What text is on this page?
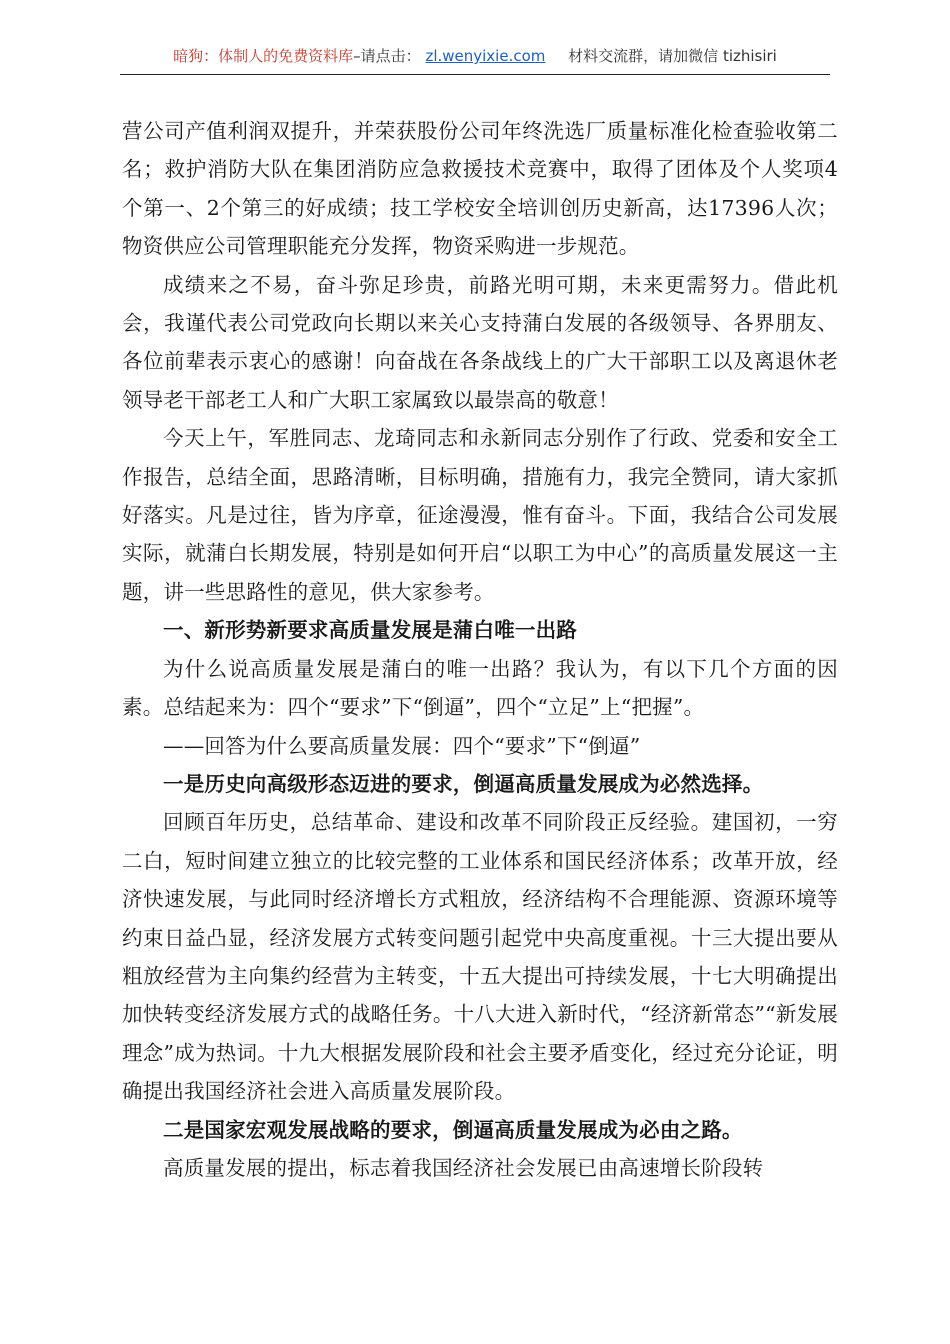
暗狗：体制人的免费资料库–请点击： zl.wenyixie.com 材料交流群，请加微信 tizhisiri

营公司产值利润双提升，并荣获股份公司年终洗选厂质量标准化检查验收第二名；救护消防大队在集团消防应急救援技术竞赛中，取得了团体及个人奖项4个第一、2个第三的好成绩；技工学校安全培训创历史新高，达17396人次；物资供应公司管理职能充分发挥，物资采购进一步规范。

成绩来之不易，奋斗弥足珍贵，前路光明可期，未来更需努力。借此机会，我谨代表公司党政向长期以来关心支持蒲白发展的各级领导、各界朋友、各位前辈表示衷心的感谢！向奋战在各条战线上的广大干部职工以及离退休老领导老干部老工人和广大职工家属致以最崇高的敬意！

今天上午，军胜同志、龙琦同志和永新同志分别作了行政、党委和安全工作报告，总结全面，思路清晰，目标明确，措施有力，我完全赞同，请大家抓好落实。凡是过往，皆为序章，征途漫漫，惟有奋斗。下面，我结合公司发展实际，就蒲白长期发展，特别是如何开启“以职工为中心”的高质量发展这一主题，讲一些思路性的意见，供大家参考。

一、新形势新要求高质量发展是蒲白唯一出路

为什么说高质量发展是蒲白的唯一出路？我认为，有以下几个方面的因素。总结起来为：四个“要求”下“倒逼”，四个“立足”上“把握”。

——回答为什么要高质量发展：四个“要求”下“倒逼”

一是历史向高级形态迈进的要求，倒逼高质量发展成为必然选择。

回顾百年历史，总结革命、建设和改革不同阶段正反经验。建国初，一穷二白，短时间建立独立的比较完整的工业体系和国民经济体系；改革开放，经济快速发展，与此同时经济增长方式粗放，经济结构不合理能源、资源环境等约束日益凸显，经济发展方式转变问题引起党中央高度重视。十三大提出要从粗放经营为主向集约经营为主转变，十五大提出可持续发展，十七大明确提出加快转变经济发展方式的战略任务。十八大进入新时代，“经济新常态”“新发展理念”成为热词。十九大根据发展阶段和社会主要矛盾变化，经过充分论证，明确提出我国经济社会进入高质量发展阶段。

二是国家宏观发展战略的要求，倒逼高质量发展成为必由之路。

高质量发展的提出，标志着我国经济社会发展已由高速增长阶段转
